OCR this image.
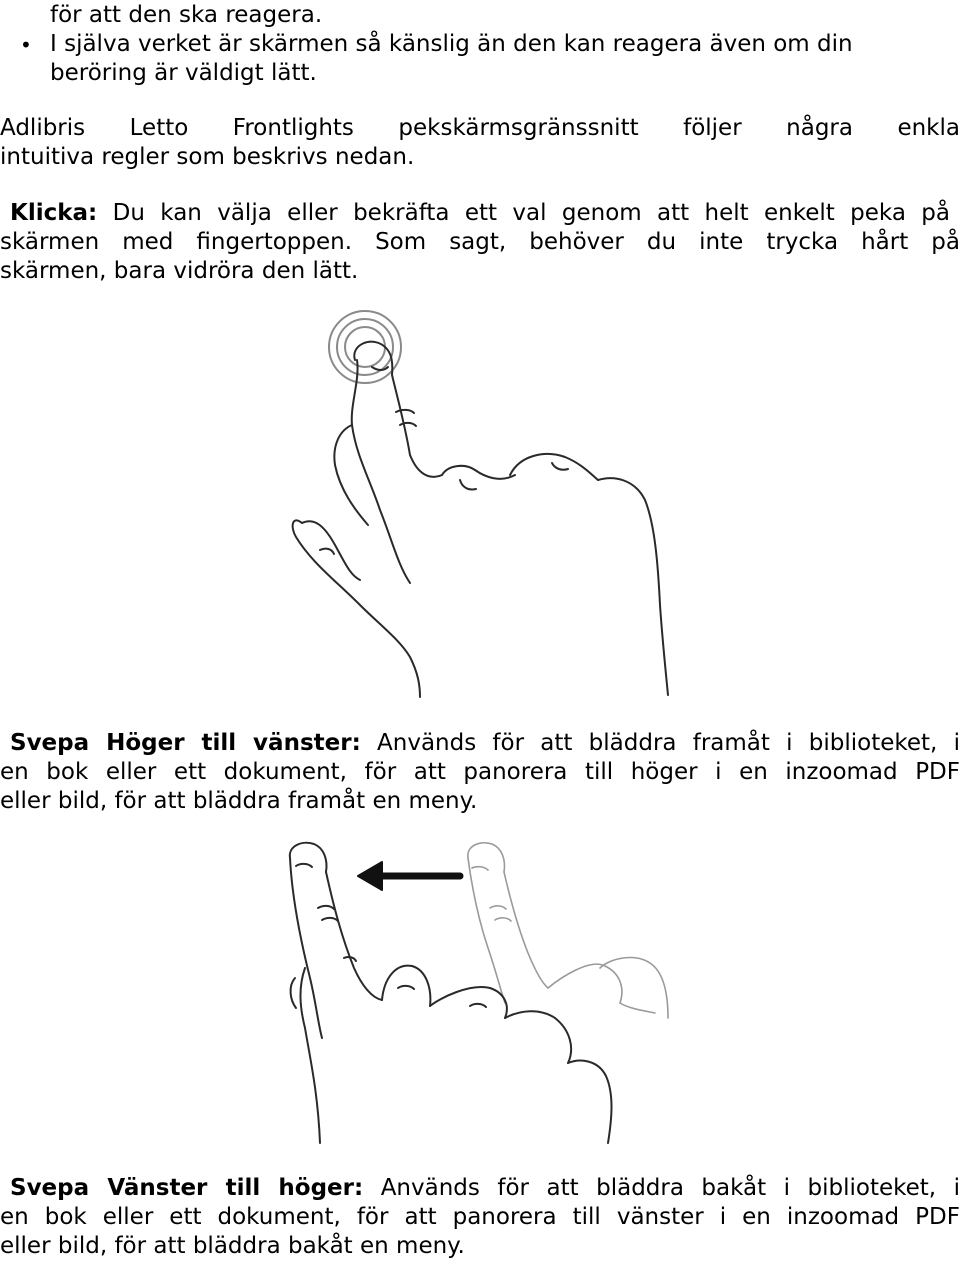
för att den ska reagera.
• I själva verket är skärmen så känslig än den kan reagera även om din
beröring är väldigt lätt.
Adlibris Letto Frontlights pekskärmsgränssnitt följer några enkla
intuitiva regler som beskrivs nedan.
Klicka: Du kan välja eller bekräfta ett val genom att helt enkelt peka på
skärmen med fingertoppen. Som sagt, behöver du inte trycka hårt på
skärmen, bara vidröra den lätt.
Svepa Höger till vänster: Används för att bläddra framåt i biblioteket, i
en bok eller ett dokument, för att panorera till höger i en inzoomad PDF
eller bild, för att bläddra framåt en meny.
Svepa Vänster till höger: Används för att bläddra bakåt i biblioteket, i
en bok eller ett dokument, för att panorera till vänster i en inzoomad PDF
eller bild, för att bläddra bakåt en meny.
